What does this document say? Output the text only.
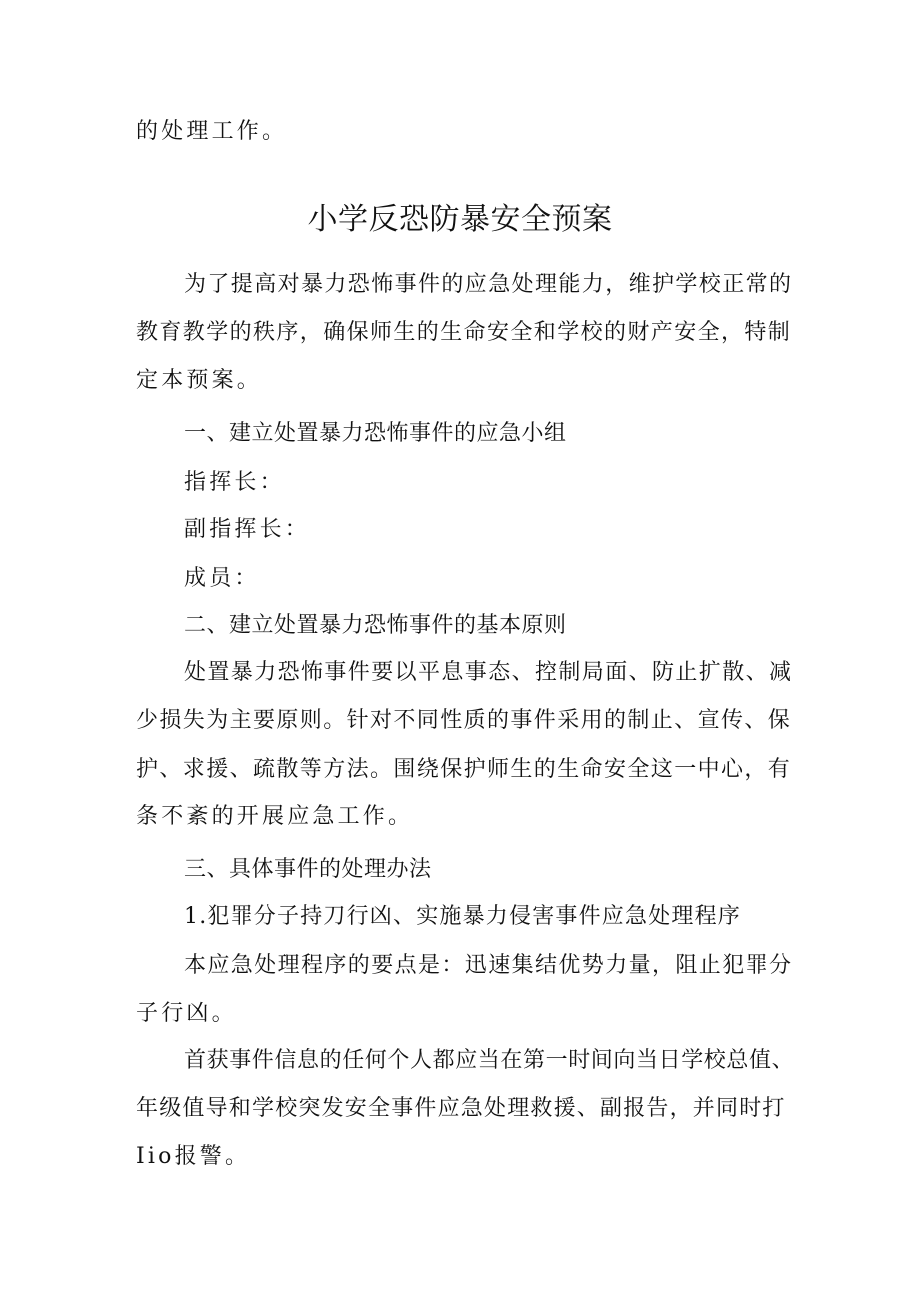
的处理工作。

小学反恐防暴安全预案

为了提高对暴力恐怖事件的应急处理能力，维护学校正常的

教育教学的秩序，确保师生的生命安全和学校的财产安全，特制

定本预案。

一、建立处置暴力恐怖事件的应急小组

指挥长：

副指挥长：

成员：

二、建立处置暴力恐怖事件的基本原则

处置暴力恐怖事件要以平息事态、控制局面、防止扩散、减

少损失为主要原则。针对不同性质的事件采用的制止、宣传、保

护、求援、疏散等方法。围绕保护师生的生命安全这一中心，有

条不紊的开展应急工作。

三、具体事件的处理办法

1.犯罪分子持刀行凶、实施暴力侵害事件应急处理程序

本应急处理程序的要点是：迅速集结优势力量，阻止犯罪分

子行凶。

首获事件信息的任何个人都应当在第一时间向当日学校总值、

年级值导和学校突发安全事件应急处理救援、副报告，并同时打

Iio报警。
